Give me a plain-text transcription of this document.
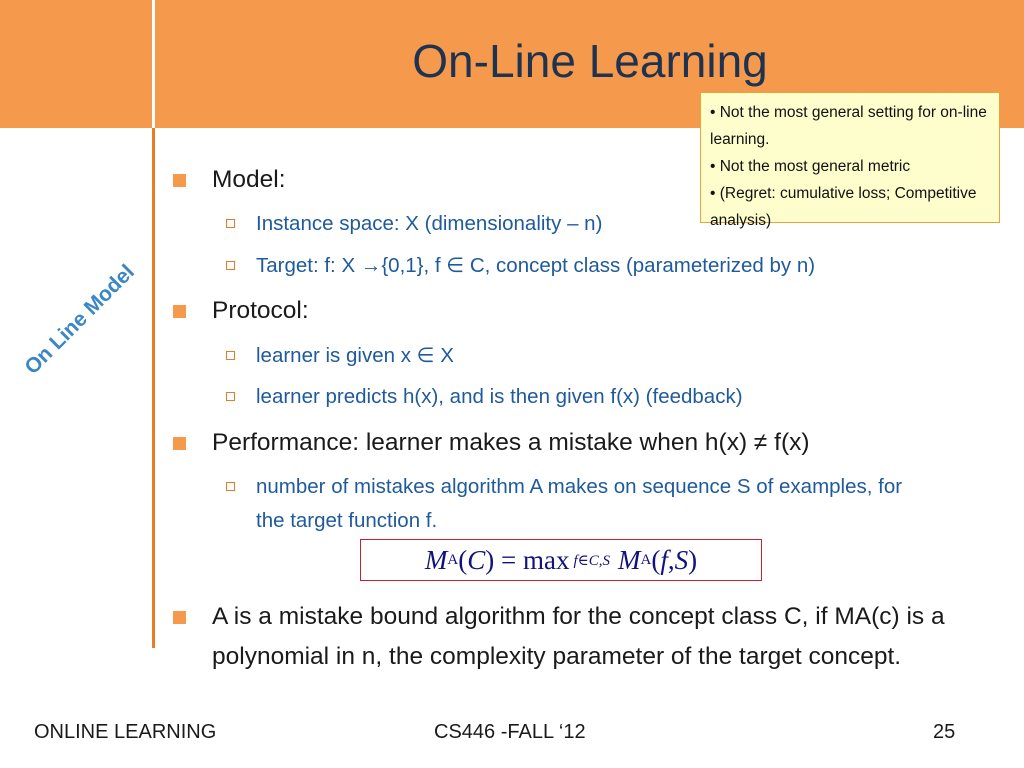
On-Line Learning
On Line Model

• Not the most general setting for on-line learning.

• Not the most general metric

• (Regret: cumulative loss; Competitive analysis)

Model:
Instance space: X (dimensionality – n)
Target: f: X →{0,1}, f ∈ C, concept class (parameterized by n)
Protocol:
learner is given x ∈ X
learner predicts h(x), and is then given f(x) (feedback)
Performance: learner makes a mistake when h(x) ≠ f(x)
number of mistakes algorithm A makes on sequence S of examples, for the target function f.
A is a mistake bound algorithm for the concept class C, if MA(c) is a polynomial in n, the complexity parameter of the target concept.
M A ( C ) = max f∈C,S M A ( f , S )
ONLINE LEARNING	CS446 -FALL ‘12	25
